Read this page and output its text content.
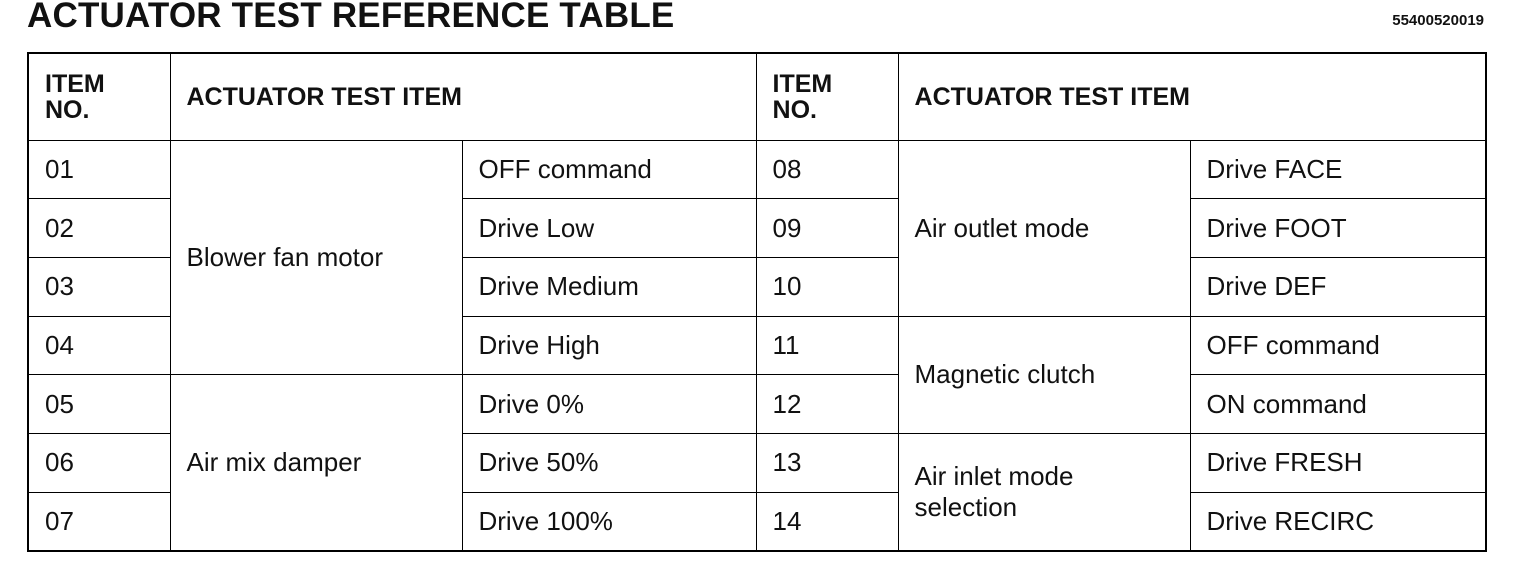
ACTUATOR TEST REFERENCE TABLE	55400520019
ITEM NO.	ACTUATOR TEST ITEM		ITEM NO.	ACTUATOR TEST ITEM	
01	Blower fan motor	OFF command	08	Air outlet mode	Drive FACE
02		Drive Low	09		Drive FOOT
03		Drive Medium	10		Drive DEF
04		Drive High	11	Magnetic clutch	OFF command
05	Air mix damper	Drive 0%	12		ON command
06		Drive 50%	13	Air inlet mode selection	Drive FRESH
07		Drive 100%	14		Drive RECIRC
